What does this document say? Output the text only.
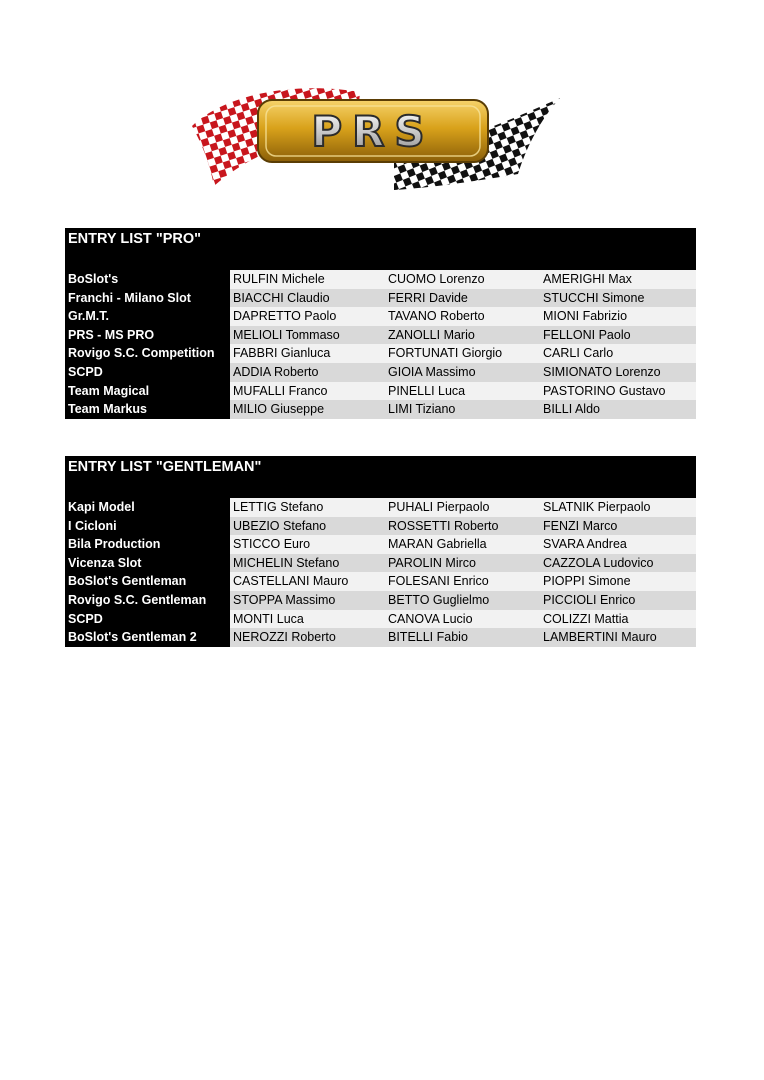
PRS
ENTRY LIST "PRO"
BoSlot's	RULFIN Michele	CUOMO Lorenzo	AMERIGHI Max
Franchi - Milano Slot	BIACCHI Claudio	FERRI Davide	STUCCHI Simone
Gr.M.T.	DAPRETTO Paolo	TAVANO Roberto	MIONI Fabrizio
PRS - MS PRO	MELIOLI Tommaso	ZANOLLI Mario	FELLONI Paolo
Rovigo S.C. Competition	FABBRI Gianluca	FORTUNATI Giorgio	CARLI Carlo
SCPD	ADDIA Roberto	GIOIA Massimo	SIMIONATO Lorenzo
Team Magical	MUFALLI Franco	PINELLI Luca	PASTORINO Gustavo
Team Markus	MILIO Giuseppe	LIMI Tiziano	BILLI Aldo
ENTRY LIST "GENTLEMAN"
Kapi Model	LETTIG Stefano	PUHALI Pierpaolo	SLATNIK Pierpaolo
I Cicloni	UBEZIO Stefano	ROSSETTI Roberto	FENZI Marco
Bila Production	STICCO Euro	MARAN Gabriella	SVARA Andrea
Vicenza Slot	MICHELIN Stefano	PAROLIN Mirco	CAZZOLA Ludovico
BoSlot's Gentleman	CASTELLANI Mauro	FOLESANI Enrico	PIOPPI Simone
Rovigo S.C. Gentleman	STOPPA Massimo	BETTO Guglielmo	PICCIOLI Enrico
SCPD	MONTI Luca	CANOVA Lucio	COLIZZI Mattia
BoSlot's Gentleman 2	NEROZZI Roberto	BITELLI Fabio	LAMBERTINI Mauro
